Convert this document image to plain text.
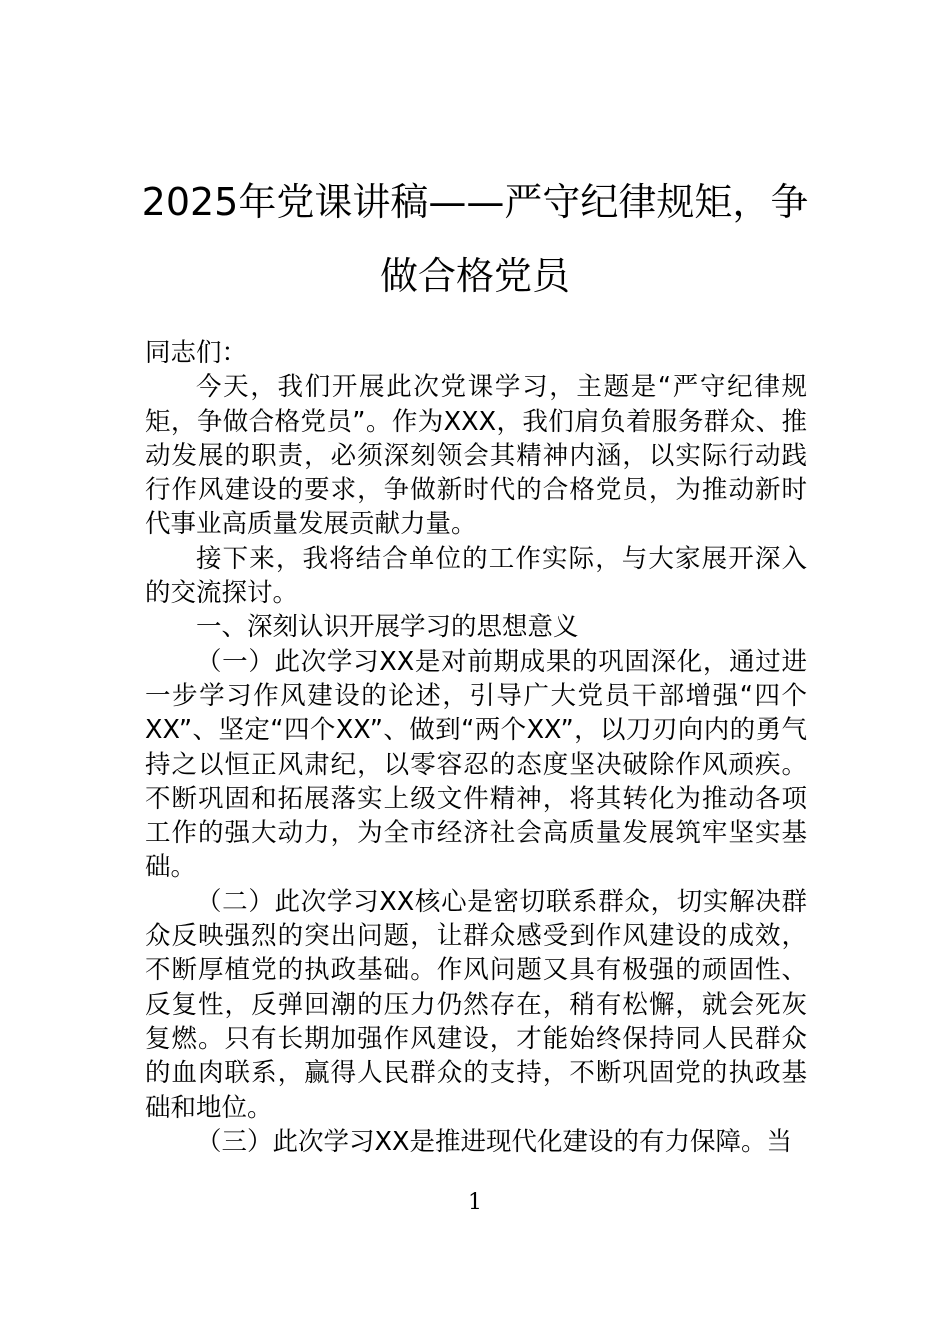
2025年党课讲稿——严守纪律规矩，争做合格党员

同志们：

今天，我们开展此次党课学习，主题是“严守纪律规矩，争做合格党员”。作为XXX，我们肩负着服务群众、推动发展的职责，必须深刻领会其精神内涵，以实际行动践行作风建设的要求，争做新时代的合格党员，为推动新时代事业高质量发展贡献力量。

接下来，我将结合单位的工作实际，与大家展开深入的交流探讨。

一、深刻认识开展学习的思想意义

（一）此次学习XX是对前期成果的巩固深化，通过进一步学习作风建设的论述，引导广大党员干部增强“四个XX”、坚定“四个XX”、做到“两个XX”，以刀刃向内的勇气持之以恒正风肃纪，以零容忍的态度坚决破除作风顽疾。不断巩固和拓展落实上级文件精神，将其转化为推动各项工作的强大动力，为全市经济社会高质量发展筑牢坚实基础。

（二）此次学习XX核心是密切联系群众，切实解决群众反映强烈的突出问题，让群众感受到作风建设的成效，不断厚植党的执政基础。作风问题又具有极强的顽固性、反复性，反弹回潮的压力仍然存在，稍有松懈，就会死灰复燃。只有长期加强作风建设，才能始终保持同人民群众的血肉联系，赢得人民群众的支持，不断巩固党的执政基础和地位。

（三）此次学习XX是推进现代化建设的有力保障。当

1
